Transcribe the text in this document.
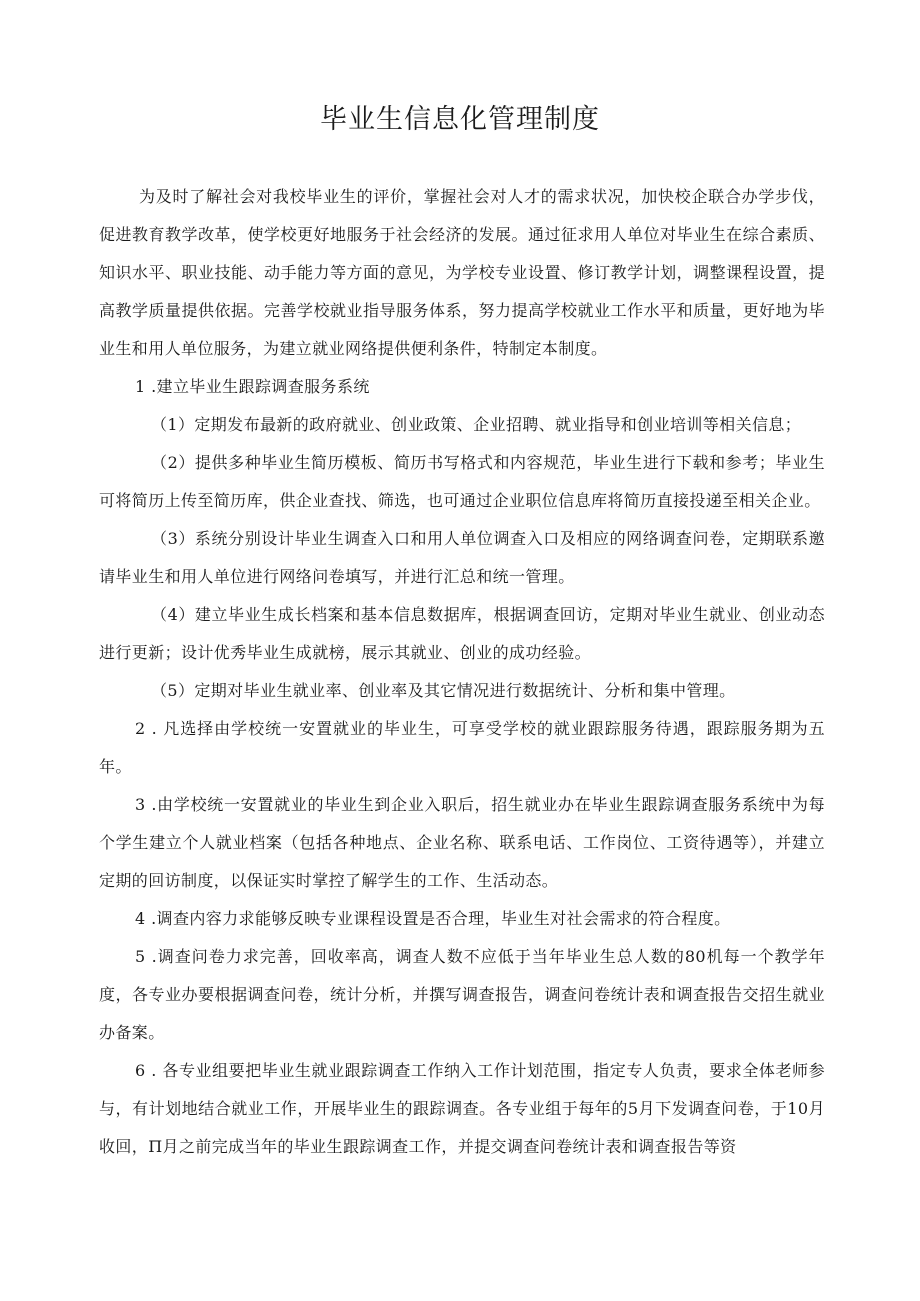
毕业生信息化管理制度

为及时了解社会对我校毕业生的评价，掌握社会对人才的需求状况，加快校企联合办学步伐，促进教育教学改革，使学校更好地服务于社会经济的发展。通过征求用人单位对毕业生在综合素质、知识水平、职业技能、动手能力等方面的意见，为学校专业设置、修订教学计划，调整课程设置，提高教学质量提供依据。完善学校就业指导服务体系，努力提高学校就业工作水平和质量，更好地为毕业生和用人单位服务，为建立就业网络提供便利条件，特制定本制度。

1 .建立毕业生跟踪调查服务系统

（1）定期发布最新的政府就业、创业政策、企业招聘、就业指导和创业培训等相关信息；

（2）提供多种毕业生简历模板、简历书写格式和内容规范，毕业生进行下载和参考；毕业生可将简历上传至简历库，供企业查找、筛选，也可通过企业职位信息库将简历直接投递至相关企业。

（3）系统分别设计毕业生调查入口和用人单位调查入口及相应的网络调查问卷，定期联系邀请毕业生和用人单位进行网络问卷填写，并进行汇总和统一管理。

（4）建立毕业生成长档案和基本信息数据库，根据调查回访，定期对毕业生就业、创业动态进行更新；设计优秀毕业生成就榜，展示其就业、创业的成功经验。

（5）定期对毕业生就业率、创业率及其它情况进行数据统计、分析和集中管理。

2 . 凡选择由学校统一安置就业的毕业生，可享受学校的就业跟踪服务待遇，跟踪服务期为五年。

3 .由学校统一安置就业的毕业生到企业入职后，招生就业办在毕业生跟踪调查服务系统中为每个学生建立个人就业档案（包括各种地点、企业名称、联系电话、工作岗位、工资待遇等），并建立定期的回访制度，以保证实时掌控了解学生的工作、生活动态。

4 .调查内容力求能够反映专业课程设置是否合理，毕业生对社会需求的符合程度。

5 .调查问卷力求完善，回收率高，调查人数不应低于当年毕业生总人数的80机每一个教学年度，各专业办要根据调查问卷，统计分析，并撰写调查报告，调查问卷统计表和调查报告交招生就业办备案。

6 . 各专业组要把毕业生就业跟踪调查工作纳入工作计划范围，指定专人负责，要求全体老师参与，有计划地结合就业工作，开展毕业生的跟踪调查。各专业组于每年的5月下发调查问卷，于10月收回，Π月之前完成当年的毕业生跟踪调查工作，并提交调查问卷统计表和调查报告等资
